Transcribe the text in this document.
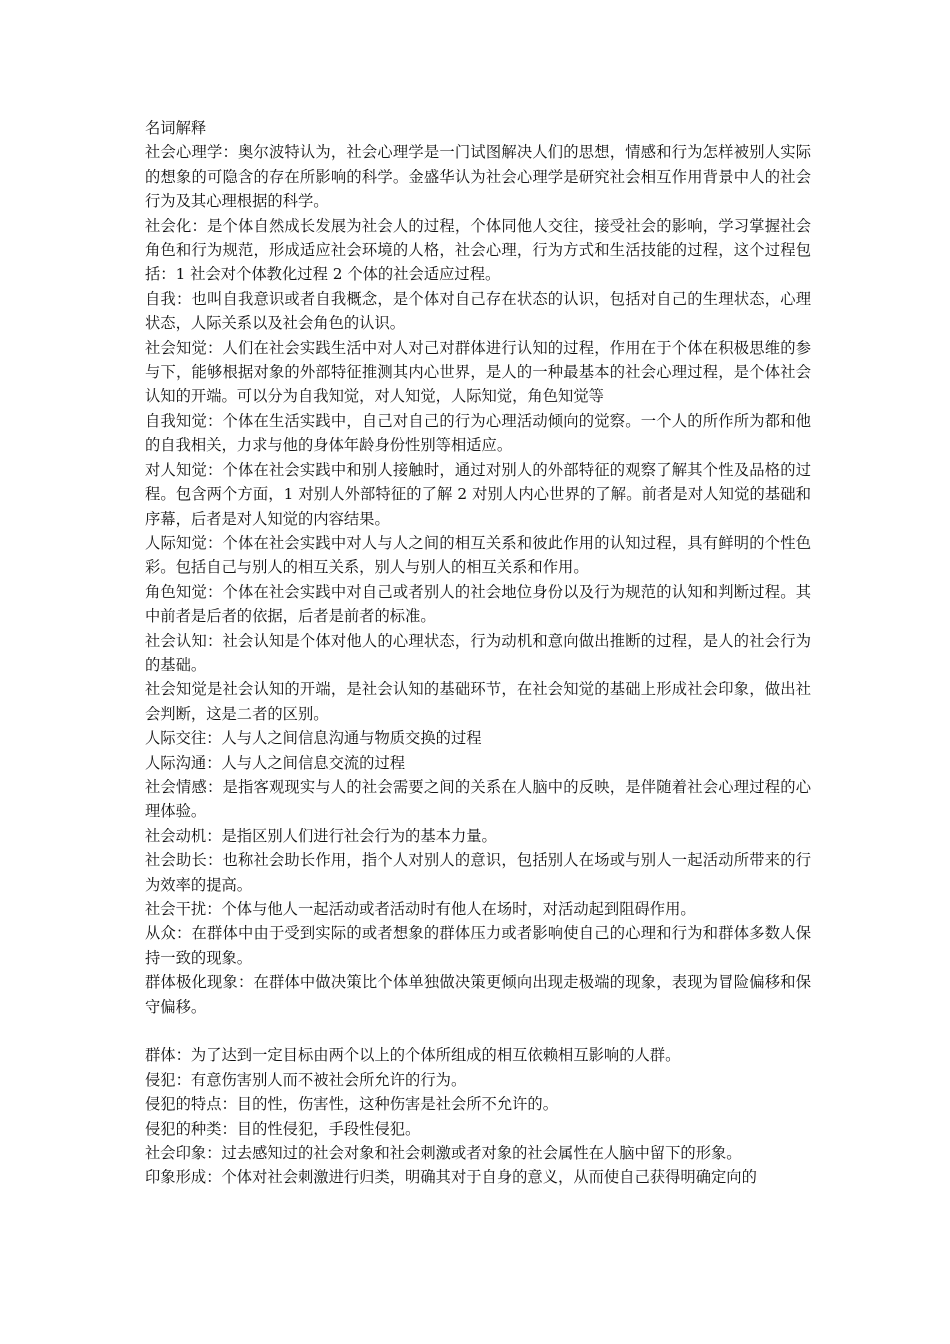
名词解释

社会心理学：奥尔波特认为，社会心理学是一门试图解决人们的思想，情感和行为怎样被别人实际的想象的可隐含的存在所影响的科学。金盛华认为社会心理学是研究社会相互作用背景中人的社会行为及其心理根据的科学。

社会化：是个体自然成长发展为社会人的过程，个体同他人交往，接受社会的影响，学习掌握社会角色和行为规范，形成适应社会环境的人格，社会心理，行为方式和生活技能的过程，这个过程包括：1 社会对个体教化过程 2 个体的社会适应过程。

自我：也叫自我意识或者自我概念，是个体对自己存在状态的认识，包括对自己的生理状态，心理状态，人际关系以及社会角色的认识。

社会知觉：人们在社会实践生活中对人对己对群体进行认知的过程，作用在于个体在积极思维的参与下，能够根据对象的外部特征推测其内心世界，是人的一种最基本的社会心理过程，是个体社会认知的开端。可以分为自我知觉，对人知觉，人际知觉，角色知觉等

自我知觉：个体在生活实践中，自己对自己的行为心理活动倾向的觉察。一个人的所作所为都和他的自我相关，力求与他的身体年龄身份性别等相适应。

对人知觉：个体在社会实践中和别人接触时，通过对别人的外部特征的观察了解其个性及品格的过程。包含两个方面，1 对别人外部特征的了解 2 对别人内心世界的了解。前者是对人知觉的基础和序幕，后者是对人知觉的内容结果。

人际知觉：个体在社会实践中对人与人之间的相互关系和彼此作用的认知过程，具有鲜明的个性色彩。包括自己与别人的相互关系，别人与别人的相互关系和作用。

角色知觉：个体在社会实践中对自己或者别人的社会地位身份以及行为规范的认知和判断过程。其中前者是后者的依据，后者是前者的标准。

社会认知：社会认知是个体对他人的心理状态，行为动机和意向做出推断的过程，是人的社会行为的基础。

社会知觉是社会认知的开端，是社会认知的基础环节，在社会知觉的基础上形成社会印象，做出社会判断，这是二者的区别。

人际交往：人与人之间信息沟通与物质交换的过程

人际沟通：人与人之间信息交流的过程

社会情感：是指客观现实与人的社会需要之间的关系在人脑中的反映，是伴随着社会心理过程的心理体验。

社会动机：是指区别人们进行社会行为的基本力量。

社会助长：也称社会助长作用，指个人对别人的意识，包括别人在场或与别人一起活动所带来的行为效率的提高。

社会干扰：个体与他人一起活动或者活动时有他人在场时，对活动起到阻碍作用。

从众：在群体中由于受到实际的或者想象的群体压力或者影响使自己的心理和行为和群体多数人保持一致的现象。

群体极化现象：在群体中做决策比个体单独做决策更倾向出现走极端的现象，表现为冒险偏移和保守偏移。

群体：为了达到一定目标由两个以上的个体所组成的相互依赖相互影响的人群。

侵犯：有意伤害别人而不被社会所允许的行为。

侵犯的特点：目的性，伤害性，这种伤害是社会所不允许的。

侵犯的种类：目的性侵犯，手段性侵犯。

社会印象：过去感知过的社会对象和社会刺激或者对象的社会属性在人脑中留下的形象。

印象形成：个体对社会刺激进行归类，明确其对于自身的意义，从而使自己获得明确定向的
